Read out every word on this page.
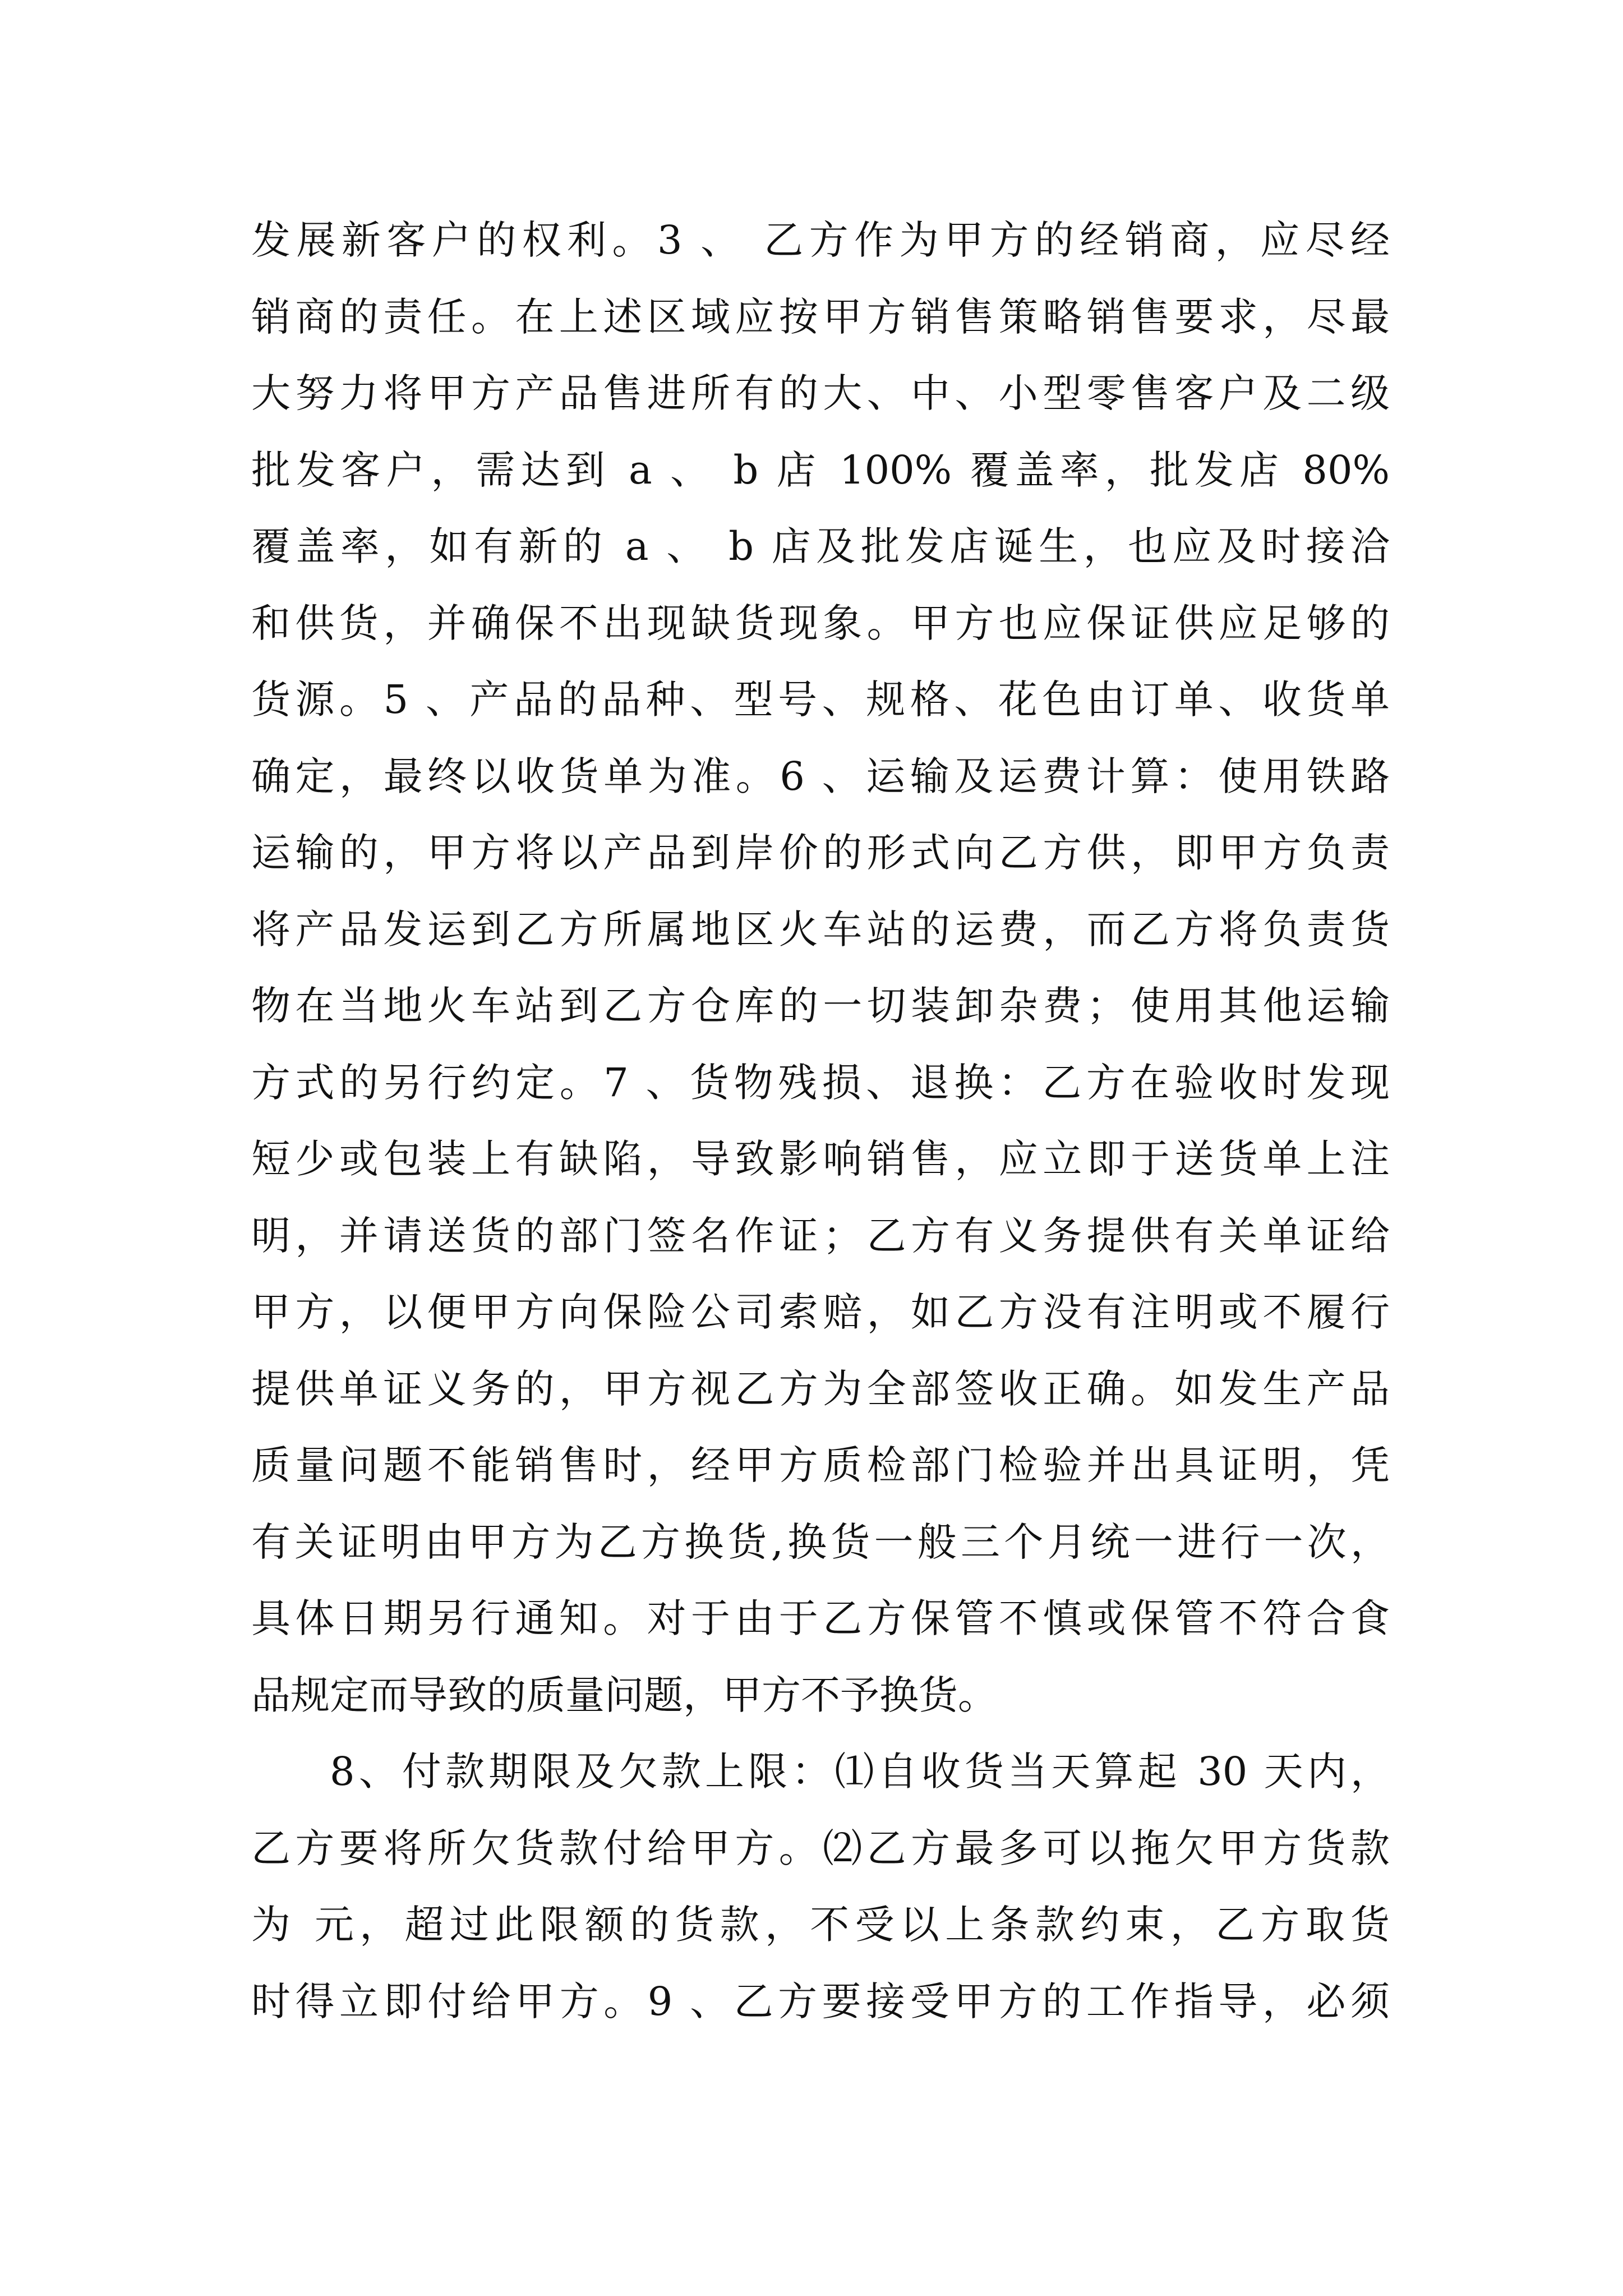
发展新客户的权利。3 、 乙方作为甲方的经销商，应尽经
销商的责任。在上述区域应按甲方销售策略销售要求，尽最
大努力将甲方产品售进所有的大、中、小型零售客户及二级
批发客户，需达到 a 、 b 店 100% 覆盖率，批发店 80%
覆盖率，如有新的 a 、 b 店及批发店诞生，也应及时接洽
和供货，并确保不出现缺货现象。甲方也应保证供应足够的
货源。5 、产品的品种、型号、规格、花色由订单、收货单
确定，最终以收货单为准。6 、运输及运费计算：使用铁路
运输的，甲方将以产品到岸价的形式向乙方供，即甲方负责
将产品发运到乙方所属地区火车站的运费，而乙方将负责货
物在当地火车站到乙方仓库的一切装卸杂费；使用其他运输
方式的另行约定。7 、货物残损、退换：乙方在验收时发现
短少或包装上有缺陷，导致影响销售，应立即于送货单上注
明，并请送货的部门签名作证；乙方有义务提供有关单证给
甲方，以便甲方向保险公司索赔，如乙方没有注明或不履行
提供单证义务的，甲方视乙方为全部签收正确。如发生产品
质量问题不能销售时，经甲方质检部门检验并出具证明，凭
有关证明由甲方为乙方换货,换货一般三个月统一进行一次，
具体日期另行通知。对于由于乙方保管不慎或保管不符合食
品规定而导致的质量问题，甲方不予换货。
8、付款期限及欠款上限：⑴自收货当天算起 30 天内，
乙方要将所欠货款付给甲方。⑵乙方最多可以拖欠甲方货款
为 元，超过此限额的货款，不受以上条款约束，乙方取货
时得立即付给甲方。9 、乙方要接受甲方的工作指导，必须
